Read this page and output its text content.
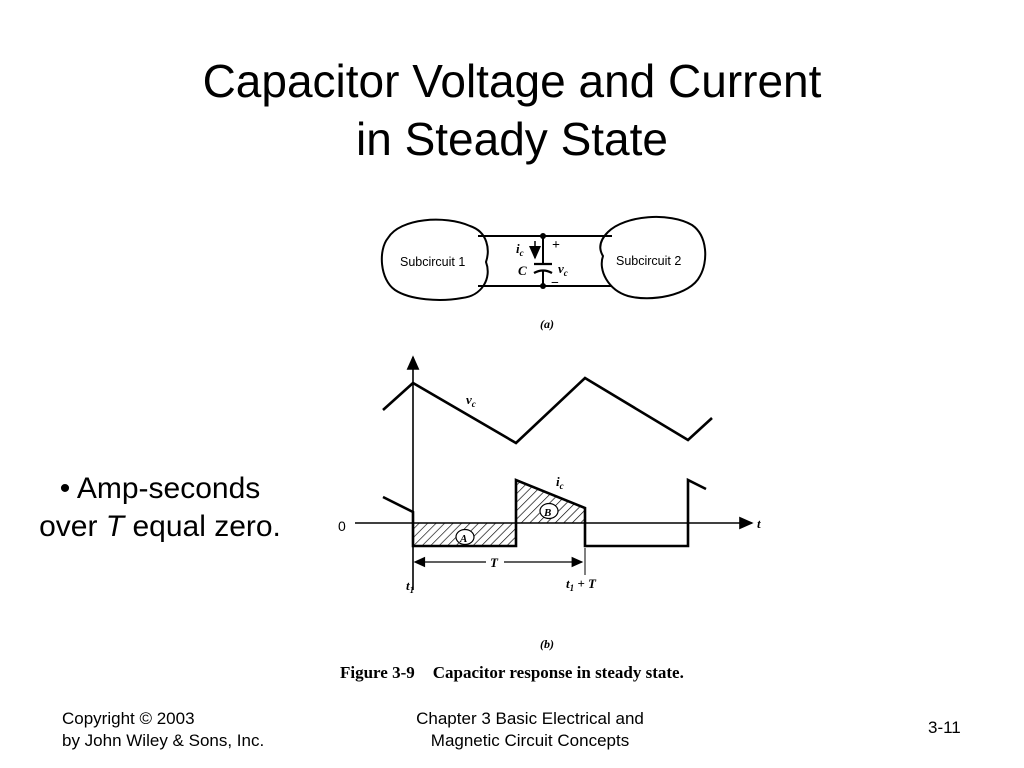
Capacitor Voltage and Current
in Steady State
• Amp-seconds
over T equal zero.
Subcircuit 1	Subcircuit 2
$i_c$
C
+
$v_c$
−
(a)
A
B
$v_c$
$i_c$
0	t
T
$t_1$	$t_1 + T$
(b)
Figure 3-9 Capacitor response in steady state.
Copyright © 2003
by John Wiley & Sons, Inc.
Chapter 3 Basic Electrical and
Magnetic Circuit Concepts
3-11
